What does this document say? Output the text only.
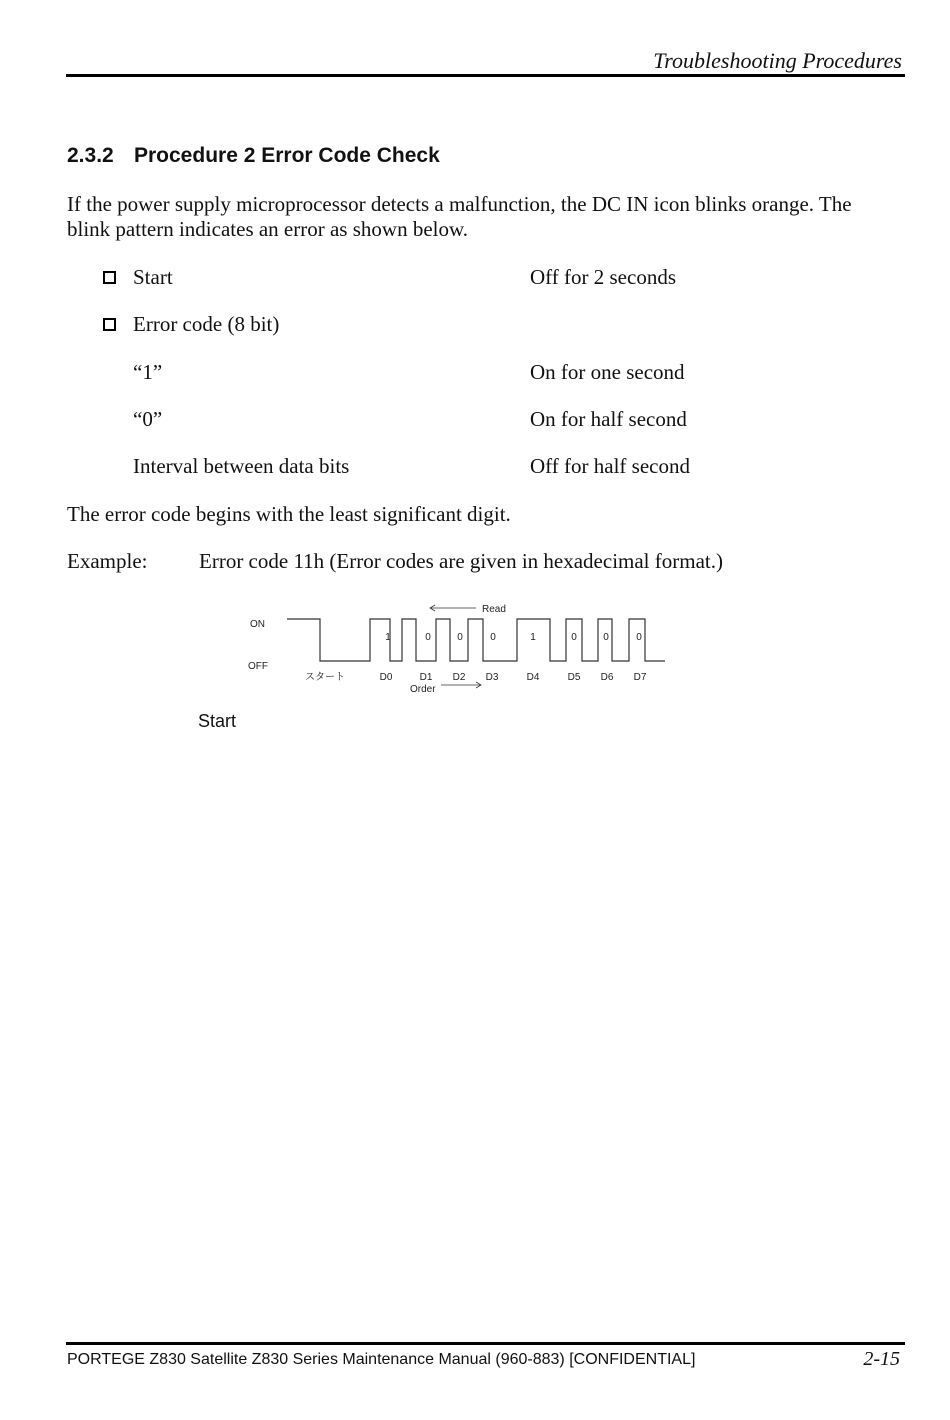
Troubleshooting Procedures
2.3.2 Procedure 2 Error Code Check
If the power supply microprocessor detects a malfunction, the DC IN icon blinks orange. The blink pattern indicates an error as shown below.
Start	Off for 2 seconds
Error code (8 bit)
“1”	On for one second
“0”	On for half second
Interval between data bits	Off for half second
The error code begins with the least significant digit.
Example: Error code 11h (Error codes are given in hexadecimal format.)
ON
OFF
Read
1	0	0	0	1	0	0	0
スタート	D0	D1 D2 D3	D4	D5 D6 D7
Order
Start
PORTEGE Z830 Satellite Z830 Series Maintenance Manual (960-883) [CONFIDENTIAL]	2-15
